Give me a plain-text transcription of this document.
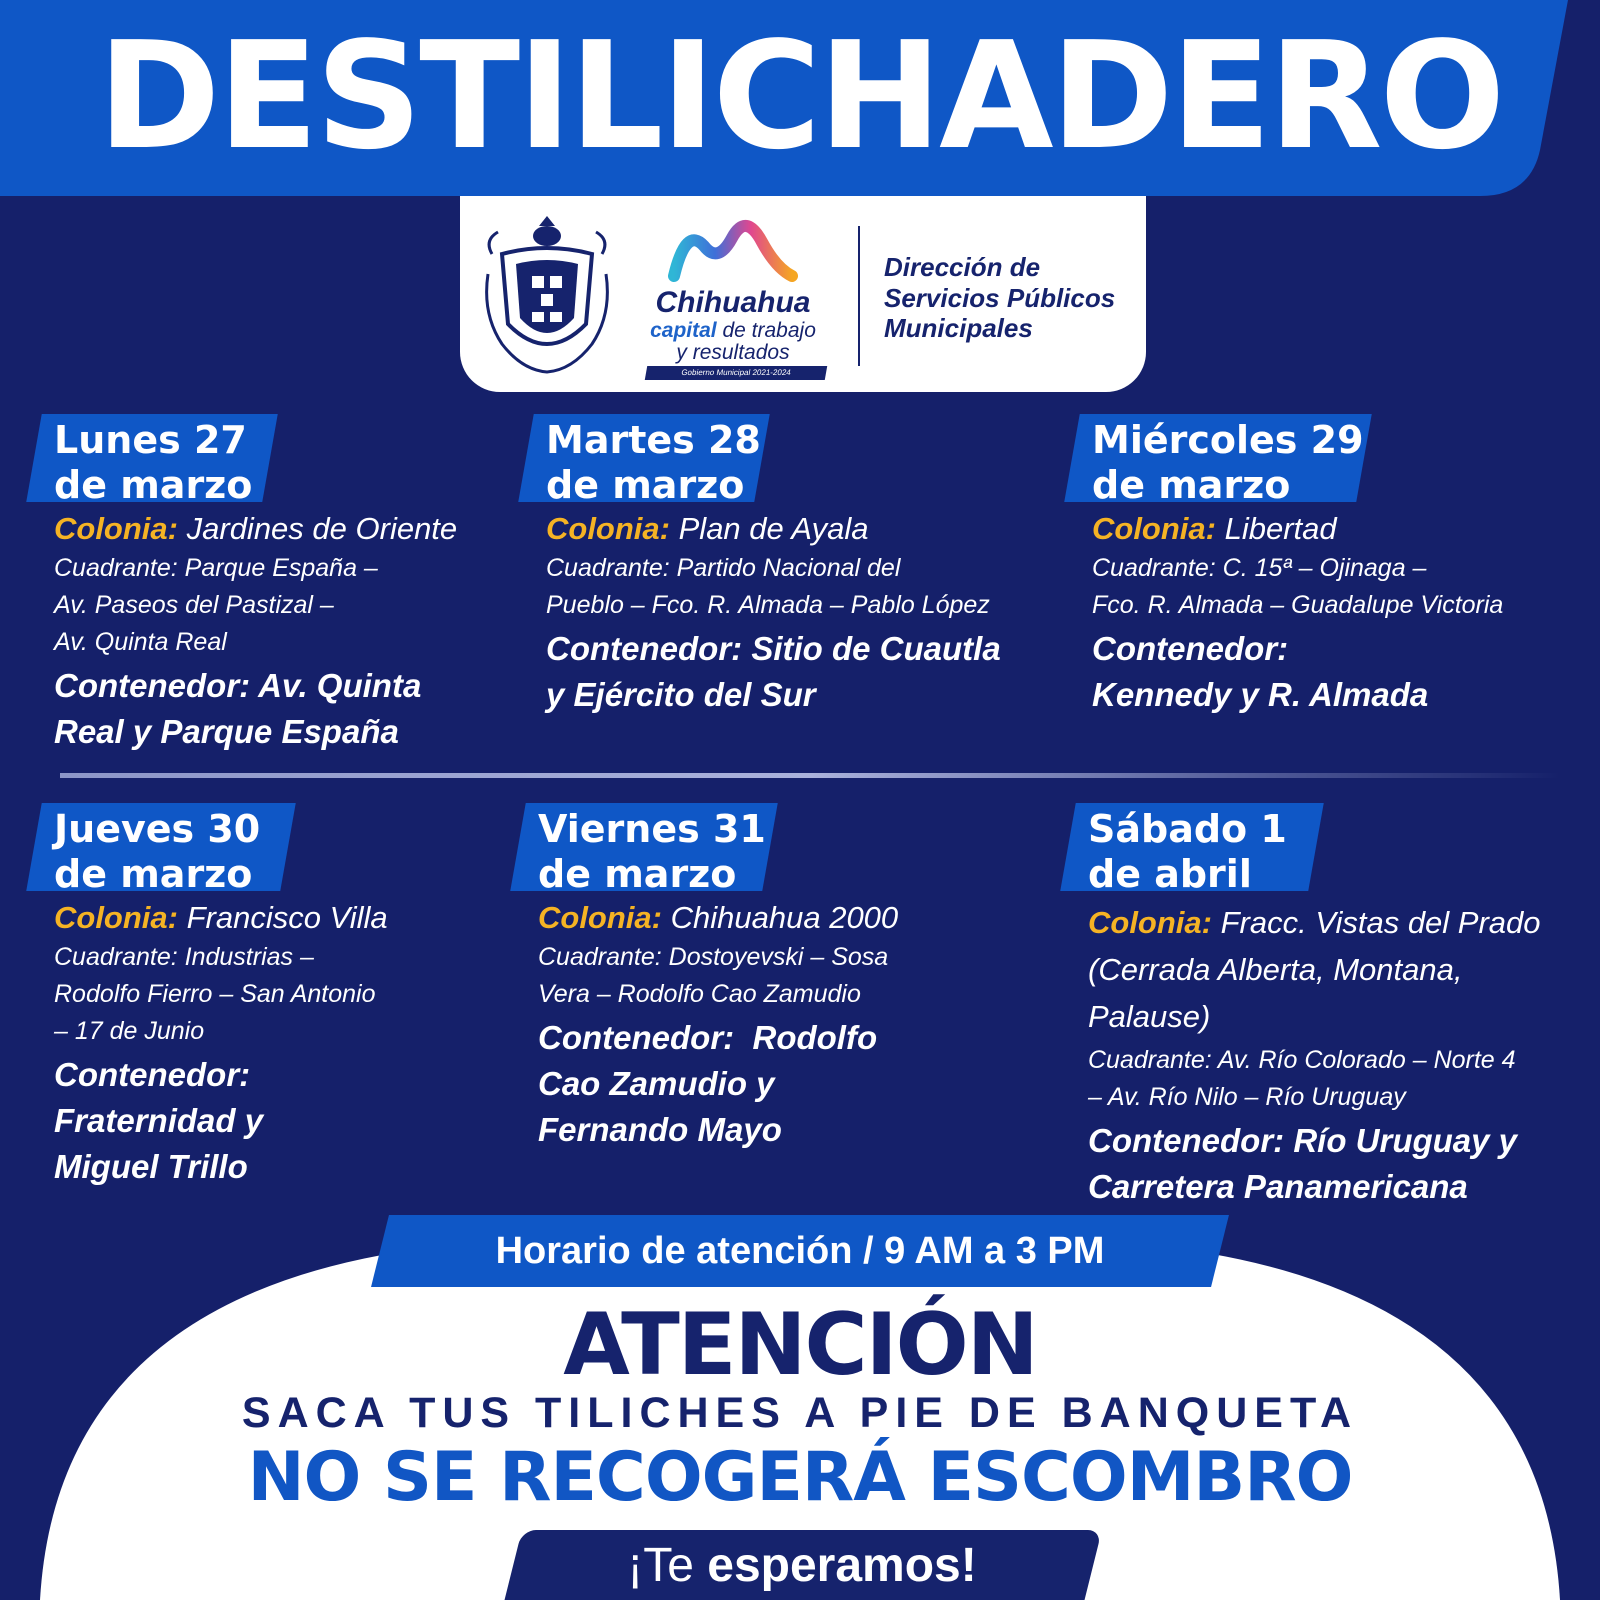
DESTILICHADERO
Chihuahua
capital de trabajo
y resultados
Gobierno Municipal 2021-2024
Dirección de
Servicios Públicos
Municipales
Lunes 27
de marzo
Colonia: Jardines de Oriente
Cuadrante: Parque España –
Av. Paseos del Pastizal –
Av. Quinta Real
Contenedor: Av. Quinta
Real y Parque España
Martes 28
de marzo
Colonia: Plan de Ayala
Cuadrante: Partido Nacional del
Pueblo – Fco. R. Almada – Pablo López
Contenedor: Sitio de Cuautla
y Ejército del Sur
Miércoles 29
de marzo
Colonia: Libertad
Cuadrante: C. 15ª – Ojinaga –
Fco. R. Almada – Guadalupe Victoria
Contenedor:
Kennedy y R. Almada
Jueves 30
de marzo
Colonia: Francisco Villa
Cuadrante: Industrias –
Rodolfo Fierro – San Antonio
– 17 de Junio
Contenedor:
Fraternidad y
Miguel Trillo
Viernes 31
de marzo
Colonia: Chihuahua 2000
Cuadrante: Dostoyevski – Sosa
Vera – Rodolfo Cao Zamudio
Contenedor:  Rodolfo
Cao Zamudio y
Fernando Mayo
Sábado 1
de abril
Colonia: Fracc. Vistas del Prado
(Cerrada Alberta, Montana,
Palause)
Cuadrante: Av. Río Colorado – Norte 4
– Av. Río Nilo – Río Uruguay
Contenedor: Río Uruguay y
Carretera Panamericana
Horario de atención / 9 AM a 3 PM
ATENCIÓN
SACA TUS TILICHES A PIE DE BANQUETA
NO SE RECOGERÁ ESCOMBRO
¡Te esperamos!
